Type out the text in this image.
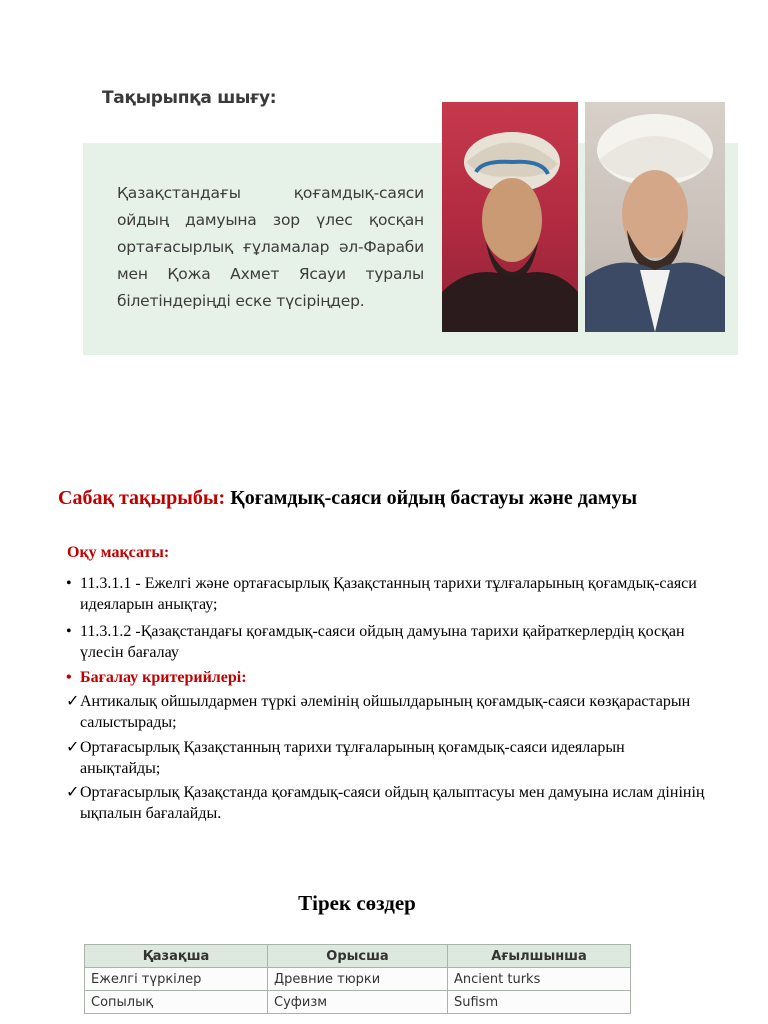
Тақырыпқа шығу:
Қазақстандағы қоғамдық-саяси ойдың дамуына зор үлес қосқан ортағасырлық ғұламалар әл-Фараби мен Қожа Ахмет Ясауи туралы білетіндеріңді еске түсіріңдер.
Сабақ тақырыбы: Қоғамдық-саяси ойдың бастауы және дамуы
Оқу мақсаты:
• 11.3.1.1 - Ежелгі және ортағасырлық Қазақстанның тарихи тұлғаларының қоғамдық-саяси идеяларын анықтау;
• 11.3.1.2 -Қазақстандағы қоғамдық-саяси ойдың дамуына тарихи қайраткерлердің қосқан үлесін бағалау
• Бағалау критерийлері:
✓ Антикалық ойшылдармен түркі әлемінің ойшылдарының қоғамдық-саяси көзқарастарын салыстырады;
✓ Ортағасырлық Қазақстанның тарихи тұлғаларының қоғамдық-саяси идеяларын анықтайды;
✓ Ортағасырлық Қазақстанда қоғамдық-саяси ойдың қалыптасуы мен дамуына ислам дінінің ықпалын бағалайды.
Тірек сөздер
Қазақша	Орысша	Ағылшынша
Ежелгі түркілер	Древние тюрки	Ancient turks
Сопылық	Суфизм	Sufism
